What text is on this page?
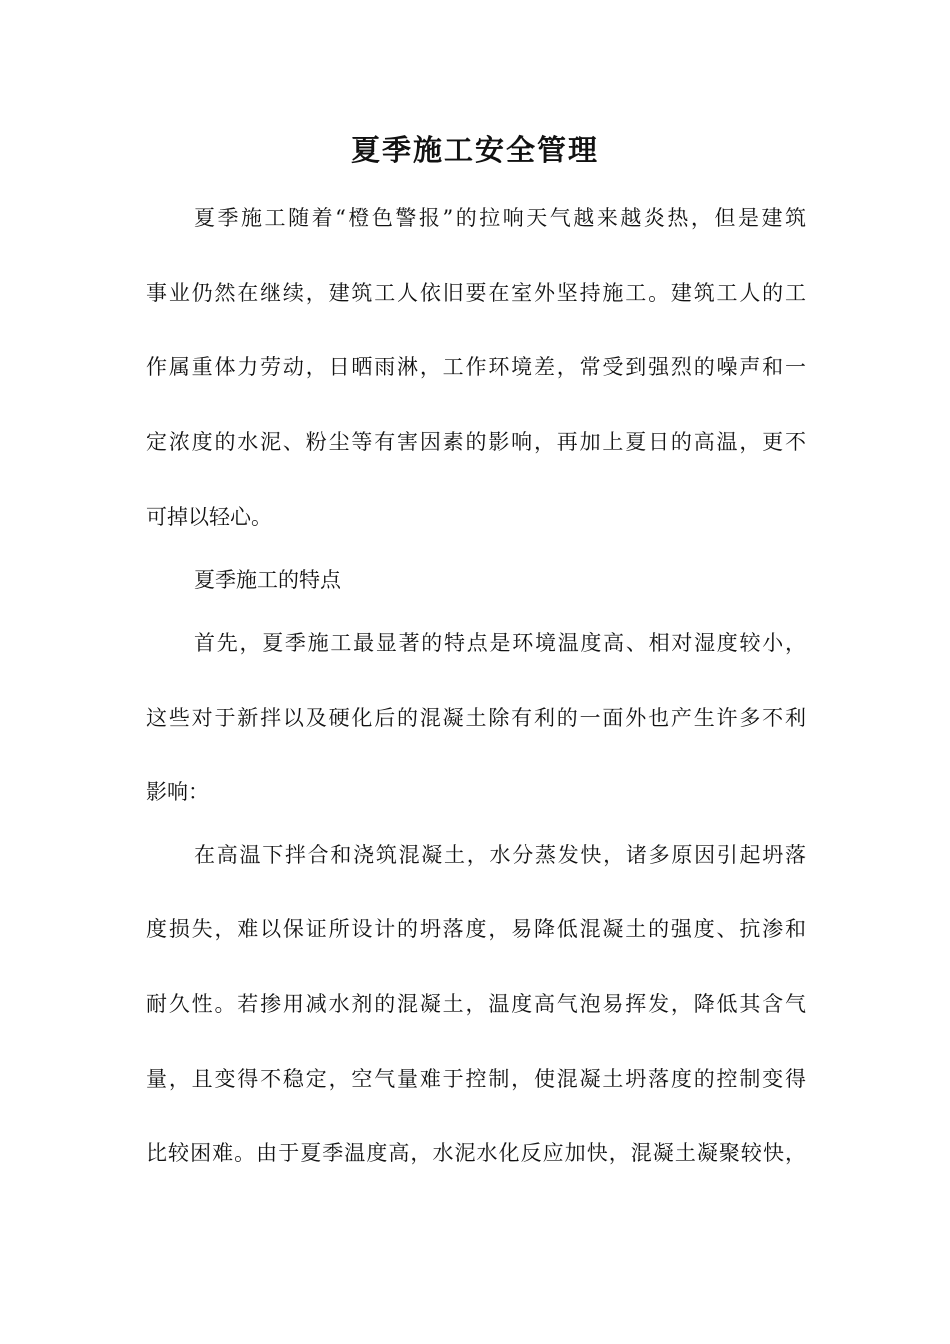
夏季施工安全管理

夏季施工随着“橙色警报”的拉响天气越来越炎热，但是建筑

事业仍然在继续，建筑工人依旧要在室外坚持施工。建筑工人的工

作属重体力劳动，日晒雨淋，工作环境差，常受到强烈的噪声和一

定浓度的水泥、粉尘等有害因素的影响，再加上夏日的高温，更不

可掉以轻心。

夏季施工的特点

首先，夏季施工最显著的特点是环境温度高、相对湿度较小，

这些对于新拌以及硬化后的混凝土除有利的一面外也产生许多不利

影响：

在高温下拌合和浇筑混凝土，水分蒸发快，诸多原因引起坍落

度损失，难以保证所设计的坍落度，易降低混凝土的强度、抗渗和

耐久性。若掺用减水剂的混凝土，温度高气泡易挥发，降低其含气

量，且变得不稳定，空气量难于控制，使混凝土坍落度的控制变得

比较困难。由于夏季温度高，水泥水化反应加快，混凝土凝聚较快，
